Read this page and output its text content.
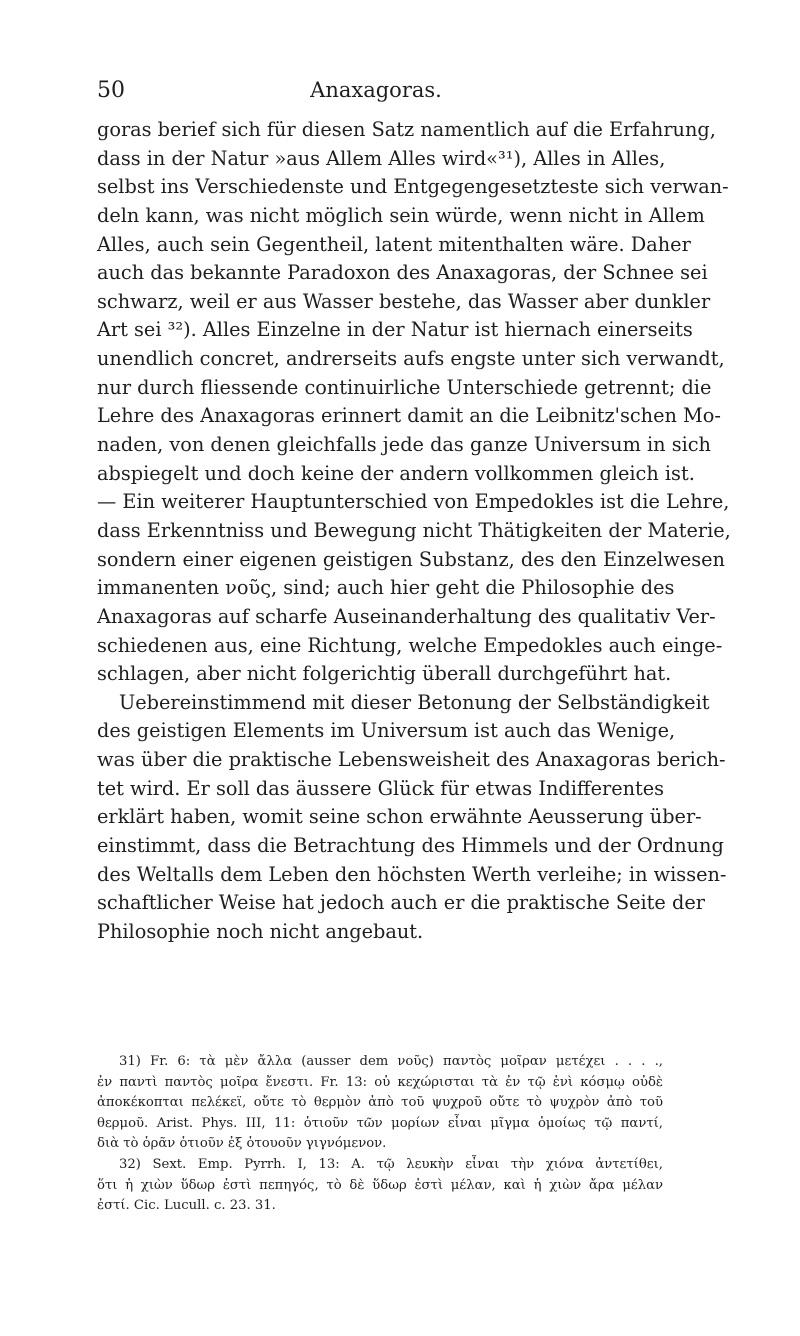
50	Anaxagoras.
goras berief sich für diesen Satz namentlich auf die Erfahrung,
dass in der Natur »aus Allem Alles wird«³¹), Alles in Alles,
selbst ins Verschiedenste und Entgegengesetzteste sich verwan-
deln kann, was nicht möglich sein würde, wenn nicht in Allem
Alles, auch sein Gegentheil, latent mitenthalten wäre. Daher
auch das bekannte Paradoxon des Anaxagoras, der Schnee sei
schwarz, weil er aus Wasser bestehe, das Wasser aber dunkler
Art sei ³²). Alles Einzelne in der Natur ist hiernach einerseits
unendlich concret, andrerseits aufs engste unter sich verwandt,
nur durch fliessende continuirliche Unterschiede getrennt; die
Lehre des Anaxagoras erinnert damit an die Leibnitz'schen Mo-
naden, von denen gleichfalls jede das ganze Universum in sich
abspiegelt und doch keine der andern vollkommen gleich ist.
— Ein weiterer Hauptunterschied von Empedokles ist die Lehre,
dass Erkenntniss und Bewegung nicht Thätigkeiten der Materie,
sondern einer eigenen geistigen Substanz, des den Einzelwesen
immanenten νοῦς, sind; auch hier geht die Philosophie des
Anaxagoras auf scharfe Auseinanderhaltung des qualitativ Ver-
schiedenen aus, eine Richtung, welche Empedokles auch einge-
schlagen, aber nicht folgerichtig überall durchgeführt hat.
Uebereinstimmend mit dieser Betonung der Selbständigkeit
des geistigen Elements im Universum ist auch das Wenige,
was über die praktische Lebensweisheit des Anaxagoras berich-
tet wird. Er soll das äussere Glück für etwas Indifferentes
erklärt haben, womit seine schon erwähnte Aeusserung über-
einstimmt, dass die Betrachtung des Himmels und der Ordnung
des Weltalls dem Leben den höchsten Werth verleihe; in wissen-
schaftlicher Weise hat jedoch auch er die praktische Seite der
Philosophie noch nicht angebaut.
31) Fr. 6: τὰ μὲν ἄλλα (ausser dem νοῦς) παντὸς μοῖραν μετέχει . . . .,
ἐν παντὶ παντὸς μοῖρα ἔνεστι. Fr. 13: οὐ κεχώρισται τὰ ἐν τῷ ἑνὶ κόσμῳ οὐδὲ
ἀποκέκοπται πελέκεϊ, οὔτε τὸ θερμὸν ἀπὸ τοῦ ψυχροῦ οὔτε τὸ ψυχρὸν ἀπὸ τοῦ
θερμοῦ. Arist. Phys. III, 11: ὁτιοῦν τῶν μορίων εἶναι μῖγμα ὁμοίως τῷ παντί,
διὰ τὸ ὁρᾶν ὁτιοῦν ἐξ ὁτουοῦν γιγνόμενον.
32) Sext. Emp. Pyrrh. I, 13: A. τῷ λευκὴν εἶναι τὴν χιόνα ἀντετίθει,
ὅτι ἡ χιὼν ὕδωρ ἐστὶ πεπηγός, τὸ δὲ ὕδωρ ἐστὶ μέλαν, καὶ ἡ χιὼν ἄρα μέλαν
ἐστί. Cic. Lucull. c. 23. 31.
